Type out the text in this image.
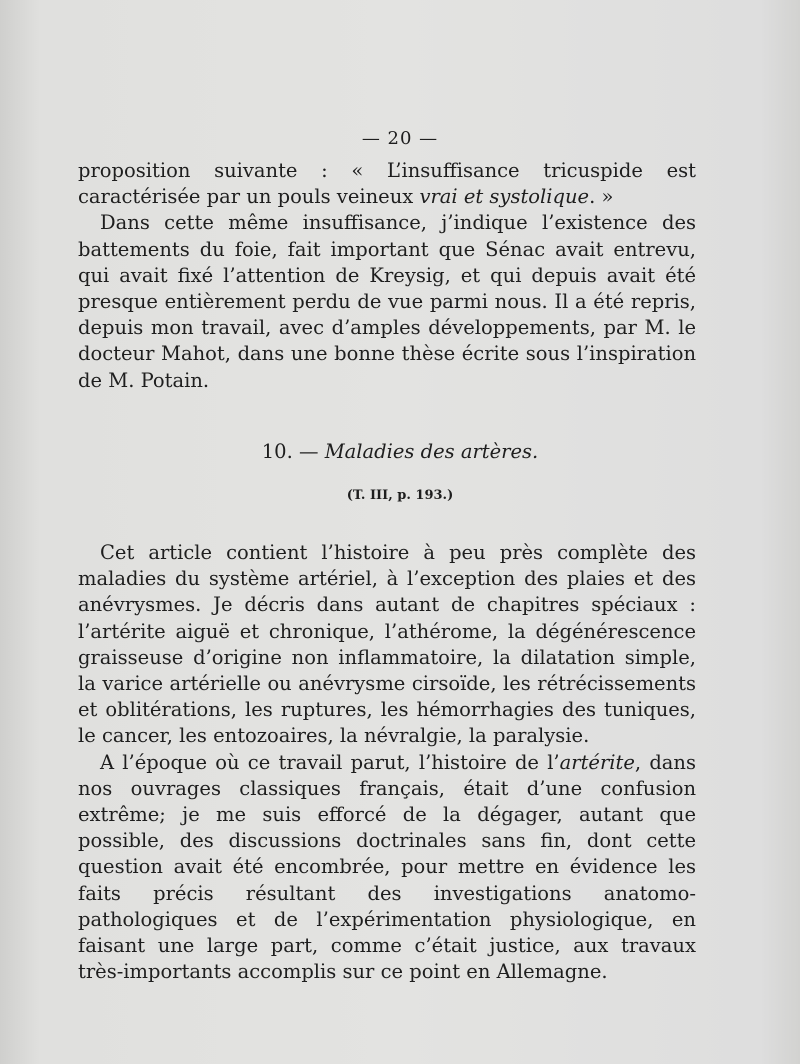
— 20 —

proposition suivante : « L’insuffisance tricuspide est caractérisée par un pouls veineux vrai et systolique. »

Dans cette même insuffisance, j’indique l’existence des battements du foie, fait important que Sénac avait entrevu, qui avait fixé l’attention de Kreysig, et qui depuis avait été presque entièrement perdu de vue parmi nous. Il a été repris, depuis mon travail, avec d’amples développements, par M. le docteur Mahot, dans une bonne thèse écrite sous l’inspiration de M. Potain.

10. — Maladies des artères.
(T. III, p. 193.)

Cet article contient l’histoire à peu près complète des maladies du système artériel, à l’exception des plaies et des anévrysmes. Je décris dans autant de chapitres spéciaux : l’artérite aiguë et chronique, l’athérome, la dégénérescence graisseuse d’origine non inflammatoire, la dilatation simple, la varice artérielle ou anévrysme cirsoïde, les rétrécissements et oblitérations, les ruptures, les hémorrhagies des tuniques, le cancer, les entozoaires, la névralgie, la paralysie.

A l’époque où ce travail parut, l’histoire de l’artérite, dans nos ouvrages classiques français, était d’une confusion extrême; je me suis efforcé de la dégager, autant que possible, des discussions doctrinales sans fin, dont cette question avait été encombrée, pour mettre en évidence les faits précis résultant des investigations anatomo-pathologiques et de l’expérimentation physiologique, en faisant une large part, comme c’était justice, aux travaux très-importants accomplis sur ce point en Allemagne.
